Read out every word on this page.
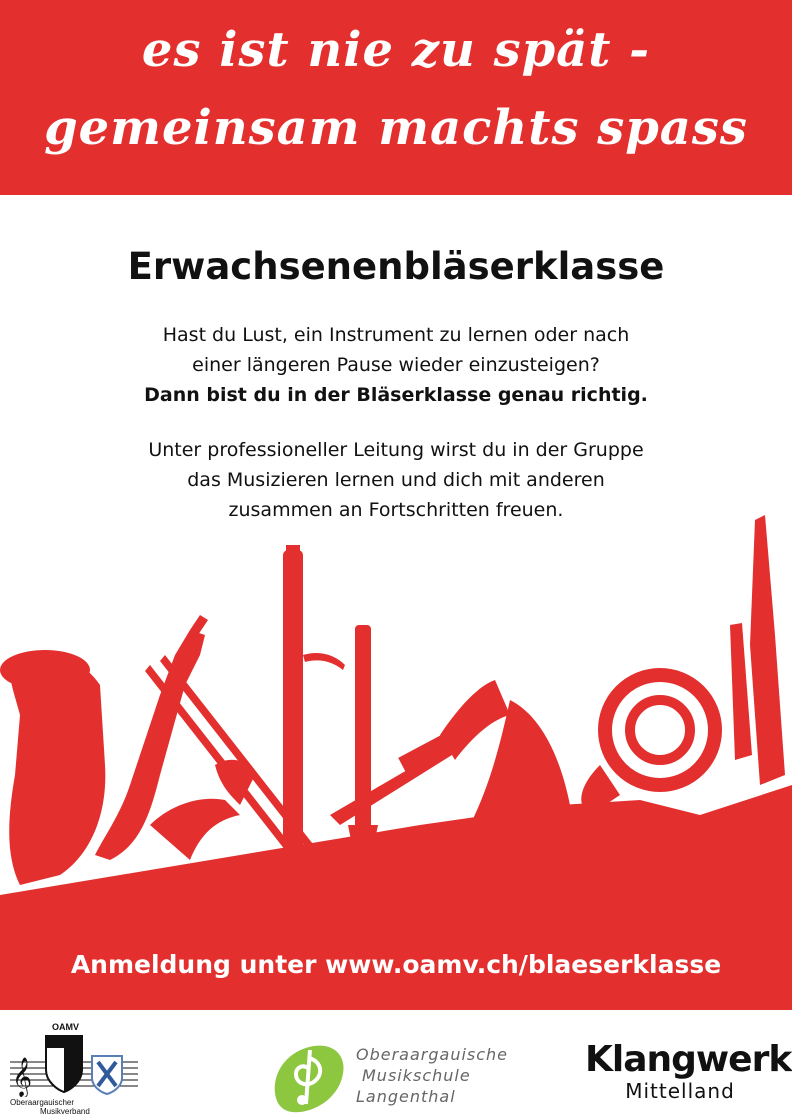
es ist nie zu spät -
gemeinsam machts spass
Erwachsenenbläserklasse
Hast du Lust, ein Instrument zu lernen oder nach
einer längeren Pause wieder einzusteigen?
Dann bist du in der Bläserklasse genau richtig.
Unter professioneller Leitung wirst du in der Gruppe
das Musizieren lernen und dich mit anderen
zusammen an Fortschritten freuen.
Anmeldung unter www.oamv.ch/blaeserklasse
OAMV
𝄞
Oberaargauischer
Musikverband
Oberaargauische
Musikschule
Langenthal
Klangwerk
Mittelland
